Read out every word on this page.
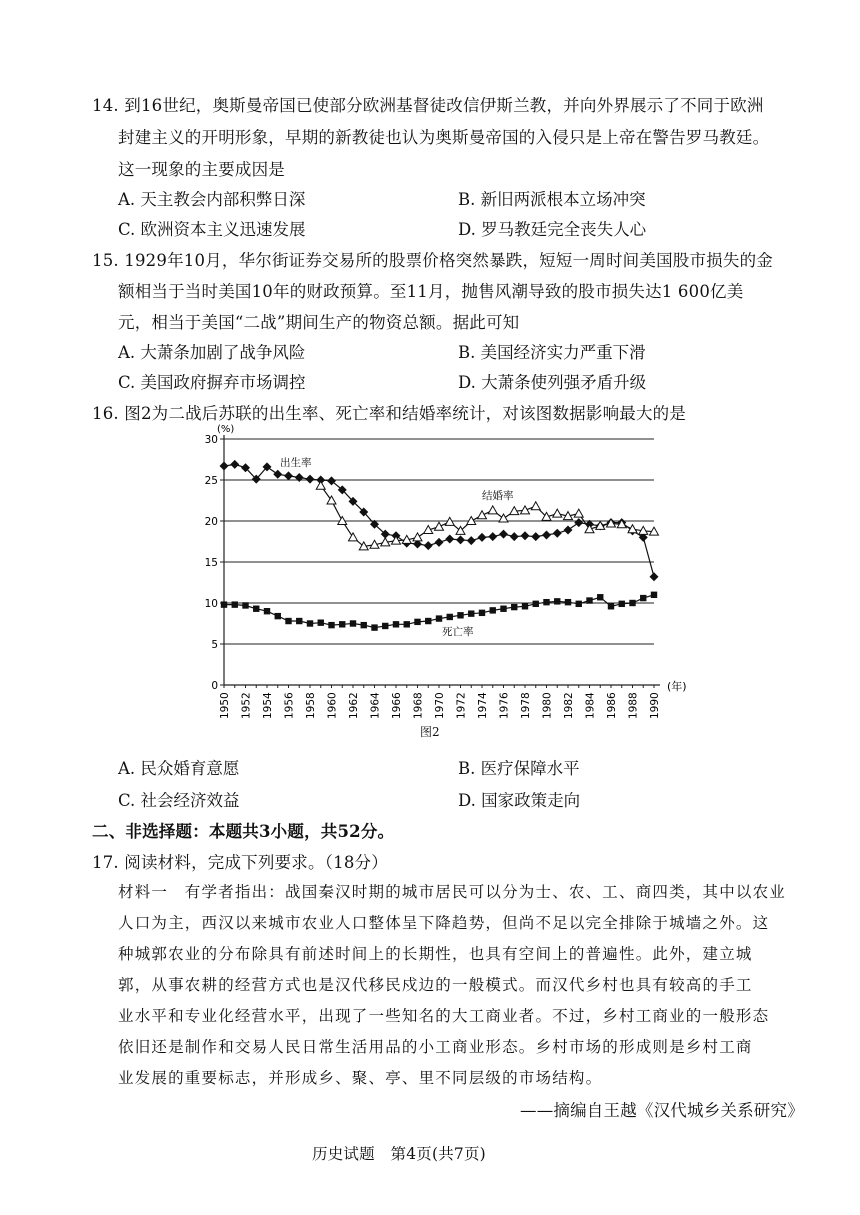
14. 到16世纪，奥斯曼帝国已使部分欧洲基督徒改信伊斯兰教，并向外界展示了不同于欧洲
封建主义的开明形象，早期的新教徒也认为奥斯曼帝国的入侵只是上帝在警告罗马教廷。
这一现象的主要成因是
A. 天主教会内部积弊日深	B. 新旧两派根本立场冲突
C. 欧洲资本主义迅速发展	D. 罗马教廷完全丧失人心
15. 1929年10月，华尔街证券交易所的股票价格突然暴跌，短短一周时间美国股市损失的金
额相当于当时美国10年的财政预算。至11月，抛售风潮导致的股市损失达1 600亿美
元，相当于美国“二战”期间生产的物资总额。据此可知
A. 大萧条加剧了战争风险	B. 美国经济实力严重下滑
C. 美国政府摒弃市场调控	D. 大萧条使列强矛盾升级
16. 图2为二战后苏联的出生率、死亡率和结婚率统计，对该图数据影响最大的是
0
5
10
15
20
25
30
1950 1952 1954 1956 1958 1960 1962 1964 1966 1968 1970 1972 1974 1976 1978 1980 1982 1984 1986 1988 1990
(%)
(年)
出生率
结婚率
死亡率
图2
A. 民众婚育意愿	B. 医疗保障水平
C. 社会经济效益	D. 国家政策走向
二、非选择题：本题共3小题，共52分。
17. 阅读材料，完成下列要求。（18分）
材料一　有学者指出：战国秦汉时期的城市居民可以分为士、农、工、商四类，其中以农业
人口为主，西汉以来城市农业人口整体呈下降趋势，但尚不足以完全排除于城墙之外。这
种城郭农业的分布除具有前述时间上的长期性，也具有空间上的普遍性。此外，建立城
郭，从事农耕的经营方式也是汉代移民戍边的一般模式。而汉代乡村也具有较高的手工
业水平和专业化经营水平，出现了一些知名的大工商业者。不过，乡村工商业的一般形态
依旧还是制作和交易人民日常生活用品的小工商业形态。乡村市场的形成则是乡村工商
业发展的重要标志，并形成乡、聚、亭、里不同层级的市场结构。
——摘编自王越《汉代城乡关系研究》
历史试题　第4页(共7页)
